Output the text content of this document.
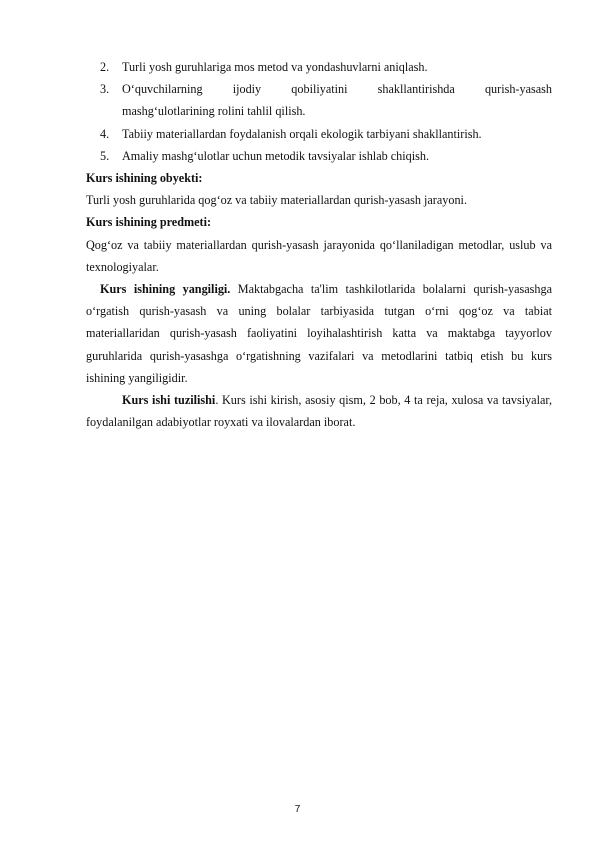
2. Turli yosh guruhlariga mos metod va yondashuvlarni aniqlash.
3. O‘quvchilarning ijodiy qobiliyatini shakllantirishda qurish-yasash
mashg‘ulotlarining rolini tahlil qilish.
4. Tabiiy materiallardan foydalanish orqali ekologik tarbiyani shakllantirish.
5. Amaliy mashg‘ulotlar uchun metodik tavsiyalar ishlab chiqish.

Kurs ishining obyekti:

Turli yosh guruhlarida qog‘oz va tabiiy materiallardan qurish-yasash jarayoni.

Kurs ishining predmeti:

Qog‘oz va tabiiy materiallardan qurish-yasash jarayonida qo‘llaniladigan metodlar, uslub va texnologiyalar.

Kurs ishining yangiligi. Maktabgacha ta'lim tashkilotlarida bolalarni qurish-yasashga o‘rgatish qurish-yasash va uning bolalar tarbiyasida tutgan o‘rni qog‘oz va tabiat materiallaridan qurish-yasash faoliyatini loyihalashtirish katta va maktabga tayyorlov guruhlarida qurish-yasashga o‘rgatishning vazifalari va metodlarini tatbiq etish bu kurs ishining yangiligidir.

Kurs ishi tuzilishi. Kurs ishi kirish, asosiy qism, 2 bob, 4 ta reja, xulosa va tavsiyalar, foydalanilgan adabiyotlar royxati va ilovalardan iborat.

7
